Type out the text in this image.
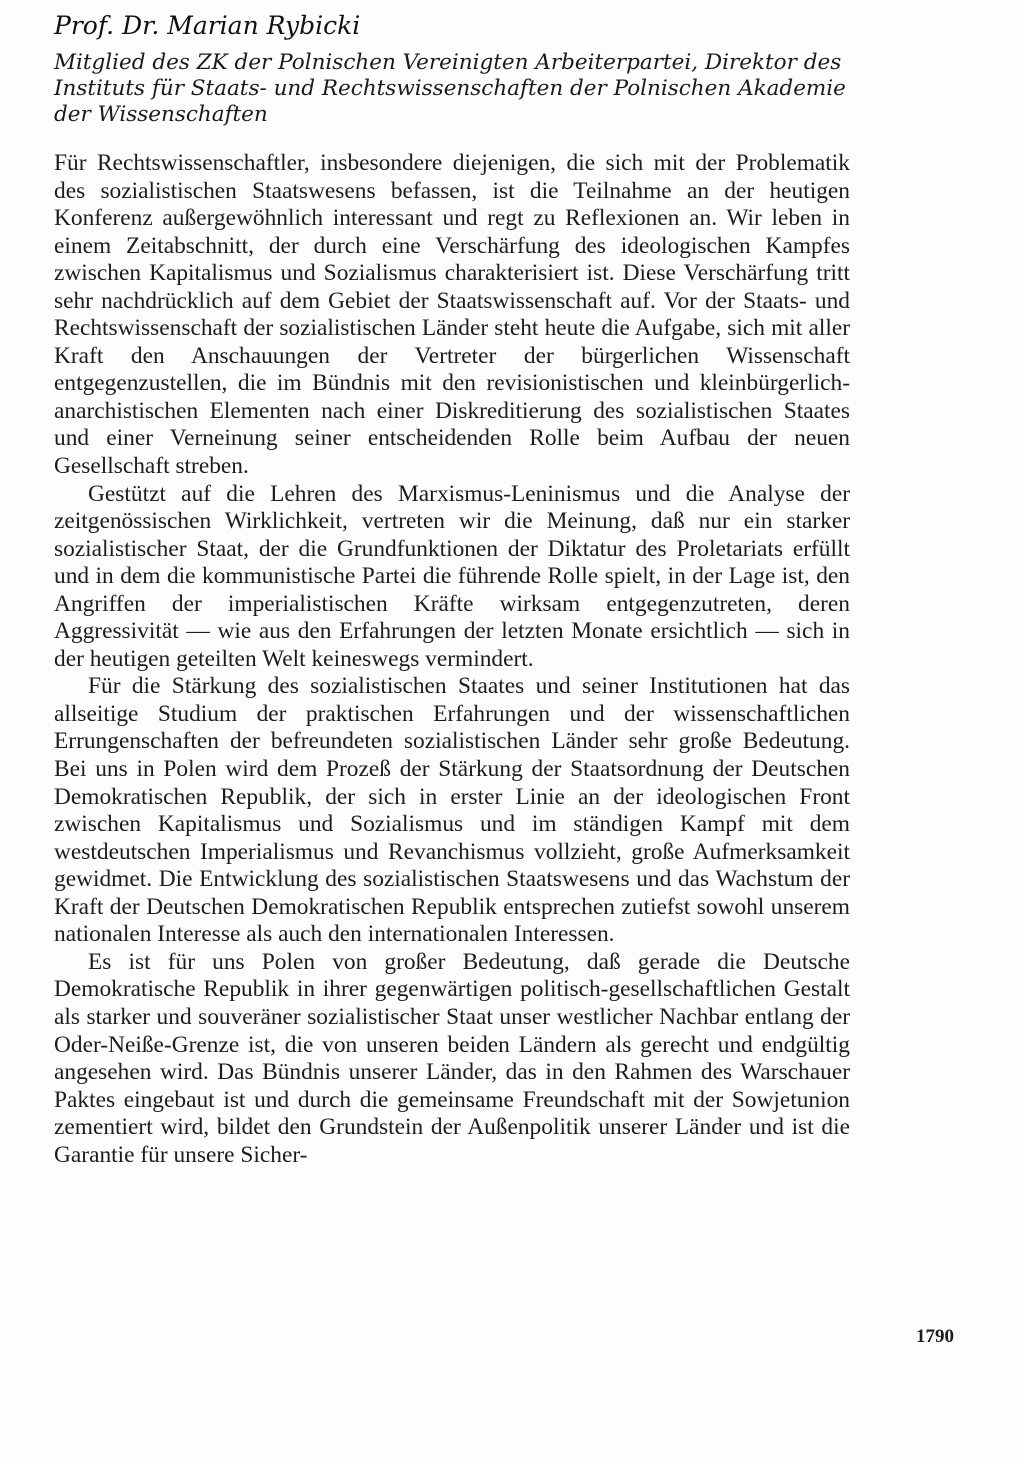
Prof. Dr. Marian Rybicki

Mitglied des ZK der Polnischen Vereinigten Arbeiterpartei, Direktor des Instituts für Staats- und Rechtswissenschaften der Polnischen Akademie der Wissenschaften

Für Rechtswissenschaftler, insbesondere diejenigen, die sich mit der Problematik des sozialistischen Staatswesens befassen, ist die Teilnahme an der heutigen Konferenz außergewöhnlich interessant und regt zu Reflexionen an. Wir leben in einem Zeitabschnitt, der durch eine Verschärfung des ideologischen Kampfes zwischen Kapitalismus und Sozialismus charakterisiert ist. Diese Verschärfung tritt sehr nachdrücklich auf dem Gebiet der Staatswissenschaft auf. Vor der Staats- und Rechtswissenschaft der sozialistischen Länder steht heute die Aufgabe, sich mit aller Kraft den Anschauungen der Vertreter der bürgerlichen Wissenschaft entgegenzustellen, die im Bündnis mit den revisionistischen und kleinbürgerlich-anarchistischen Elementen nach einer Diskreditierung des sozialistischen Staates und einer Verneinung seiner entscheidenden Rolle beim Aufbau der neuen Gesellschaft streben.

Gestützt auf die Lehren des Marxismus-Leninismus und die Analyse der zeitgenössischen Wirklichkeit, vertreten wir die Meinung, daß nur ein starker sozialistischer Staat, der die Grundfunktionen der Diktatur des Proletariats erfüllt und in dem die kommunistische Partei die führende Rolle spielt, in der Lage ist, den Angriffen der imperialistischen Kräfte wirksam entgegenzutreten, deren Aggressivität — wie aus den Erfahrungen der letzten Monate ersichtlich — sich in der heutigen geteilten Welt keineswegs vermindert.

Für die Stärkung des sozialistischen Staates und seiner Institutionen hat das allseitige Studium der praktischen Erfahrungen und der wissenschaftlichen Errungenschaften der befreundeten sozialistischen Länder sehr große Bedeutung. Bei uns in Polen wird dem Prozeß der Stärkung der Staatsordnung der Deutschen Demokratischen Republik, der sich in erster Linie an der ideologischen Front zwischen Kapitalismus und Sozialismus und im ständigen Kampf mit dem westdeutschen Imperialismus und Revanchismus vollzieht, große Aufmerksamkeit gewidmet. Die Entwicklung des sozialistischen Staatswesens und das Wachstum der Kraft der Deutschen Demokratischen Republik entsprechen zutiefst sowohl unserem nationalen Interesse als auch den internationalen Interessen.

Es ist für uns Polen von großer Bedeutung, daß gerade die Deutsche Demokratische Republik in ihrer gegenwärtigen politisch-gesellschaftlichen Gestalt als starker und souveräner sozialistischer Staat unser westlicher Nachbar entlang der Oder-Neiße-Grenze ist, die von unseren beiden Ländern als gerecht und endgültig angesehen wird. Das Bündnis unserer Länder, das in den Rahmen des Warschauer Paktes eingebaut ist und durch die gemeinsame Freundschaft mit der Sowjetunion zementiert wird, bildet den Grundstein der Außenpolitik unserer Länder und ist die Garantie für unsere Sicher-

1790
